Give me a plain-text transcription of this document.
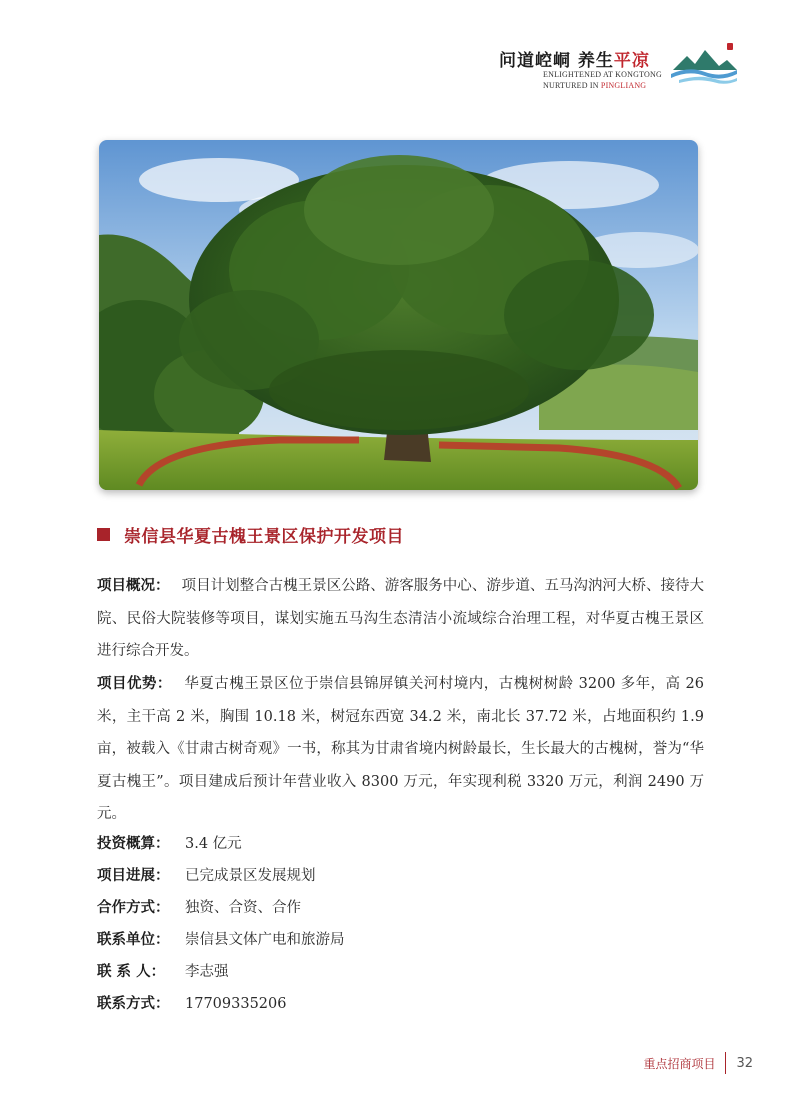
问道崆峒 养生平凉
ENLIGHTENED AT KONGTONG
NURTURED IN PINGLIANG
崇信县华夏古槐王景区保护开发项目

项目概况： 项目计划整合古槐王景区公路、游客服务中心、游步道、五马沟汭河大桥、接待大院、民俗大院装修等项目，谋划实施五马沟生态清洁小流域综合治理工程，对华夏古槐王景区进行综合开发。

项目优势： 华夏古槐王景区位于崇信县锦屏镇关河村境内，古槐树树龄 3200 多年，高 26 米，主干高 2 米，胸围 10.18 米，树冠东西宽 34.2 米，南北长 37.72 米，占地面积约 1.9 亩，被载入《甘肃古树奇观》一书，称其为甘肃省境内树龄最长，生长最大的古槐树，誉为“华夏古槐王”。项目建成后预计年营业收入 8300 万元，年实现利税 3320 万元，利润 2490 万元。

投资概算： 3.4 亿元
项目进展： 已完成景区发展规划
合作方式： 独资、合资、合作
联系单位： 崇信县文体广电和旅游局
联 系 人： 李志强
联系方式： 17709335206
重点招商项目 32
